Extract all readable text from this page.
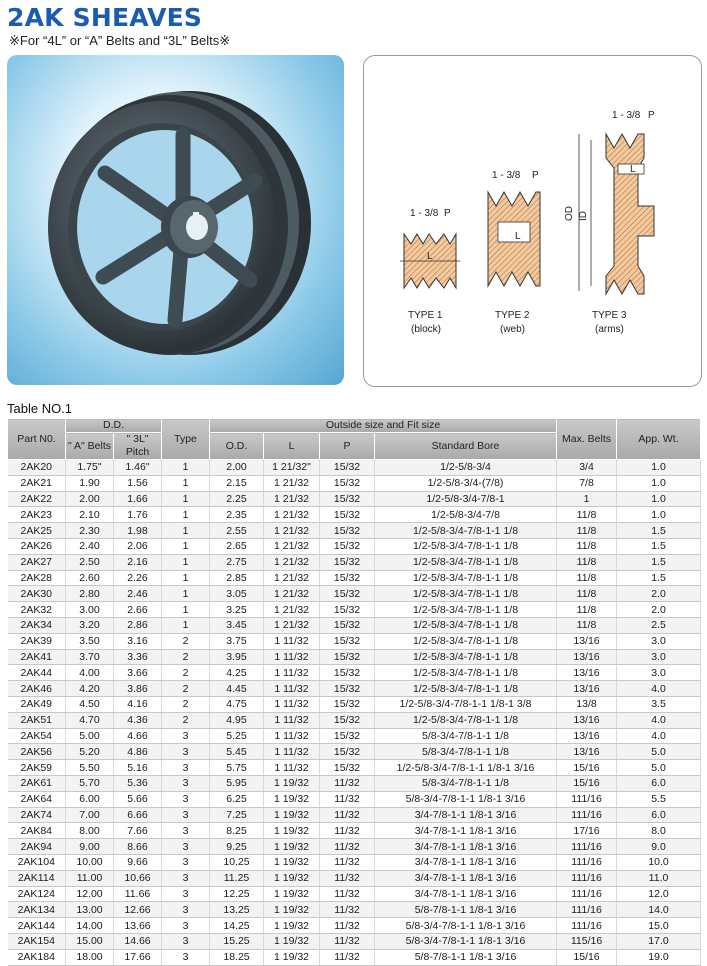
2AK SHEAVES
※For “4L” or “A” Belts and “3L” Belts※
1 - 3/8 P
L
TYPE 1
(block)
1 - 3/8 P
L
TYPE 2
(web)
1 - 3/8 P
OD ID
L
TYPE 3
(arms)
Table NO.1
Part N0.	D.D.		Type	Outside size and Fit size				Max. Belts	App. Wt.
	" A" Belts	" 3L" Pitch		O.D.	L	P	Standard Bore		
2AK20	1.75"	1.46"	1	2.00	1 21/32"	15/32	1/2-5/8-3/4	3/4	1.0
2AK21	1.90	1.56	1	2.15	1 21/32	15/32	1/2-5/8-3/4-(7/8)	7/8	1.0
2AK22	2.00	1.66	1	2.25	1 21/32	15/32	1/2-5/8-3/4-7/8-1	1	1.0
2AK23	2.10	1.76	1	2.35	1 21/32	15/32	1/2-5/8-3/4-7/8	11/8	1.0
2AK25	2.30	1.98	1	2.55	1 21/32	15/32	1/2-5/8-3/4-7/8-1-1 1/8	11/8	1.5
2AK26	2.40	2.06	1	2.65	1 21/32	15/32	1/2-5/8-3/4-7/8-1-1 1/8	11/8	1.5
2AK27	2.50	2.16	1	2.75	1 21/32	15/32	1/2-5/8-3/4-7/8-1-1 1/8	11/8	1.5
2AK28	2.60	2.26	1	2.85	1 21/32	15/32	1/2-5/8-3/4-7/8-1-1 1/8	11/8	1.5
2AK30	2.80	2.46	1	3.05	1 21/32	15/32	1/2-5/8-3/4-7/8-1-1 1/8	11/8	2.0
2AK32	3.00	2.66	1	3.25	1 21/32	15/32	1/2-5/8-3/4-7/8-1-1 1/8	11/8	2.0
2AK34	3.20	2.86	1	3.45	1 21/32	15/32	1/2-5/8-3/4-7/8-1-1 1/8	11/8	2.5
2AK39	3.50	3.16	2	3.75	1 11/32	15/32	1/2-5/8-3/4-7/8-1-1 1/8	13/16	3.0
2AK41	3.70	3.36	2	3.95	1 11/32	15/32	1/2-5/8-3/4-7/8-1-1 1/8	13/16	3.0
2AK44	4.00	3.66	2	4.25	1 11/32	15/32	1/2-5/8-3/4-7/8-1-1 1/8	13/16	3.0
2AK46	4.20	3.86	2	4.45	1 11/32	15/32	1/2-5/8-3/4-7/8-1-1 1/8	13/16	4.0
2AK49	4.50	4.16	2	4.75	1 11/32	15/32	1/2-5/8-3/4-7/8-1-1 1/8-1 3/8	13/8	3.5
2AK51	4.70	4.36	2	4.95	1 11/32	15/32	1/2-5/8-3/4-7/8-1-1 1/8	13/16	4.0
2AK54	5.00	4.66	3	5.25	1 11/32	15/32	5/8-3/4-7/8-1-1 1/8	13/16	4.0
2AK56	5.20	4.86	3	5.45	1 11/32	15/32	5/8-3/4-7/8-1-1 1/8	13/16	5.0
2AK59	5.50	5.16	3	5.75	1 11/32	15/32	1/2-5/8-3/4-7/8-1-1 1/8-1 3/16	15/16	5.0
2AK61	5.70	5.36	3	5.95	1 19/32	11/32	5/8-3/4-7/8-1-1 1/8	15/16	6.0
2AK64	6.00	5.66	3	6.25	1 19/32	11/32	5/8-3/4-7/8-1-1 1/8-1 3/16	111/16	5.5
2AK74	7.00	6.66	3	7.25	1 19/32	11/32	3/4-7/8-1-1 1/8-1 3/16	111/16	6.0
2AK84	8.00	7.66	3	8.25	1 19/32	11/32	3/4-7/8-1-1 1/8-1 3/16	17/16	8.0
2AK94	9.00	8.66	3	9.25	1 19/32	11/32	3/4-7/8-1-1 1/8-1 3/16	111/16	9.0
2AK104	10.00	9.66	3	10.25	1 19/32	11/32	3/4-7/8-1-1 1/8-1 3/16	111/16	10.0
2AK114	11.00	10.66	3	11.25	1 19/32	11/32	3/4-7/8-1-1 1/8-1 3/16	111/16	11.0
2AK124	12.00	11.66	3	12.25	1 19/32	11/32	3/4-7/8-1-1 1/8-1 3/16	111/16	12.0
2AK134	13.00	12.66	3	13.25	1 19/32	11/32	5/8-7/8-1-1 1/8-1 3/16	111/16	14.0
2AK144	14.00	13.66	3	14.25	1 19/32	11/32	5/8-3/4-7/8-1-1 1/8-1 3/16	111/16	15.0
2AK154	15.00	14.66	3	15.25	1 19/32	11/32	5/8-3/4-7/8-1-1 1/8-1 3/16	115/16	17.0
2AK184	18.00	17.66	3	18.25	1 19/32	11/32	5/8-7/8-1-1 1/8-1 3/16	15/16	19.0
